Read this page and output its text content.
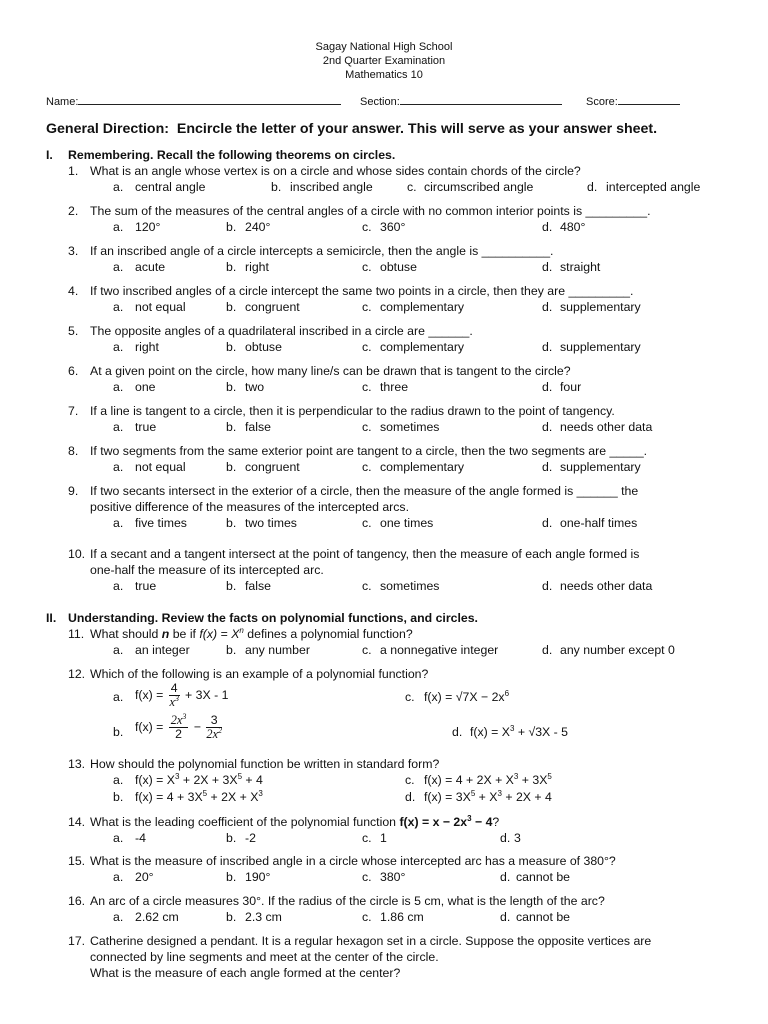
Sagay National High School
2nd Quarter Examination
Mathematics 10
Name:	Section:	Score:
General Direction: Encircle the letter of your answer. This will serve as your answer sheet.
I. Remembering. Recall the following theorems on circles.
1. What is an angle whose vertex is on a circle and whose sides contain chords of the circle?
a. central angle	b. inscribed angle	c. circumscribed angle	d. intercepted angle
2. The sum of the measures of the central angles of a circle with no common interior points is _________.
a. 120°	b. 240°	c. 360°	d. 480°
3. If an inscribed angle of a circle intercepts a semicircle, then the angle is __________.
a. acute	b. right	c. obtuse	d. straight
4. If two inscribed angles of a circle intercept the same two points in a circle, then they are _________.
a. not equal	b. congruent	c. complementary	d. supplementary
5. The opposite angles of a quadrilateral inscribed in a circle are ______.
a. right	b. obtuse	c. complementary	d. supplementary
6. At a given point on the circle, how many line/s can be drawn that is tangent to the circle?
a. one	b. two	c. three	d. four
7. If a line is tangent to a circle, then it is perpendicular to the radius drawn to the point of tangency.
a. true	b. false	c. sometimes	d. needs other data
8. If two segments from the same exterior point are tangent to a circle, then the two segments are _____.
a. not equal	b. congruent	c. complementary	d. supplementary
9. If two secants intersect in the exterior of a circle, then the measure of the angle formed is ______ the
positive difference of the measures of the intercepted arcs.
a. five times	b. two times	c. one times	d. one-half times
10. If a secant and a tangent intersect at the point of tangency, then the measure of each angle formed is
one-half the measure of its intercepted arc.
a. true	b. false	c. sometimes	d. needs other data
II. Understanding. Review the facts on polynomial functions, and circles.
11. What should n be if $f(x) = X^n$ defines a polynomial function?
a. an integer	b. any number	c. a nonnegative integer	d. any number except 0
12. Which of the following is an example of a polynomial function?
a. $f(x) = \frac{4}{x^3} + 3X - 1$	c. $f(x) = √7X - 2x^6$
b. $f(x) = \frac{2x^3}{2} - \frac{3}{2x^2}$	d. $f(x) = X^3 + √3X - 5$
13. How should the polynomial function be written in standard form?
a. $f(x) = X^3 + 2X + 3X^5 + 4$	c. $f(x) = 4 + 2X + X^3 + 3X^5$
b. $f(x) = 4 + 3X^5 + 2X + X^3$	d. $f(x) = 3X^5 + X^3 + 2X + 4$
14. What is the leading coefficient of the polynomial function $f(x) = x - 2x^3 - 4$?
a. -4	b. -2	c. 1	d. 3
15. What is the measure of inscribed angle in a circle whose intercepted arc has a measure of 380°?
a. 20°	b. 190°	c. 380°	d. cannot be
16. An arc of a circle measures 30°. If the radius of the circle is 5 cm, what is the length of the arc?
a. 2.62 cm	b. 2.3 cm	c. 1.86 cm	d. cannot be
17. Catherine designed a pendant. It is a regular hexagon set in a circle. Suppose the opposite vertices are
connected by line segments and meet at the center of the circle.
What is the measure of each angle formed at the center?
